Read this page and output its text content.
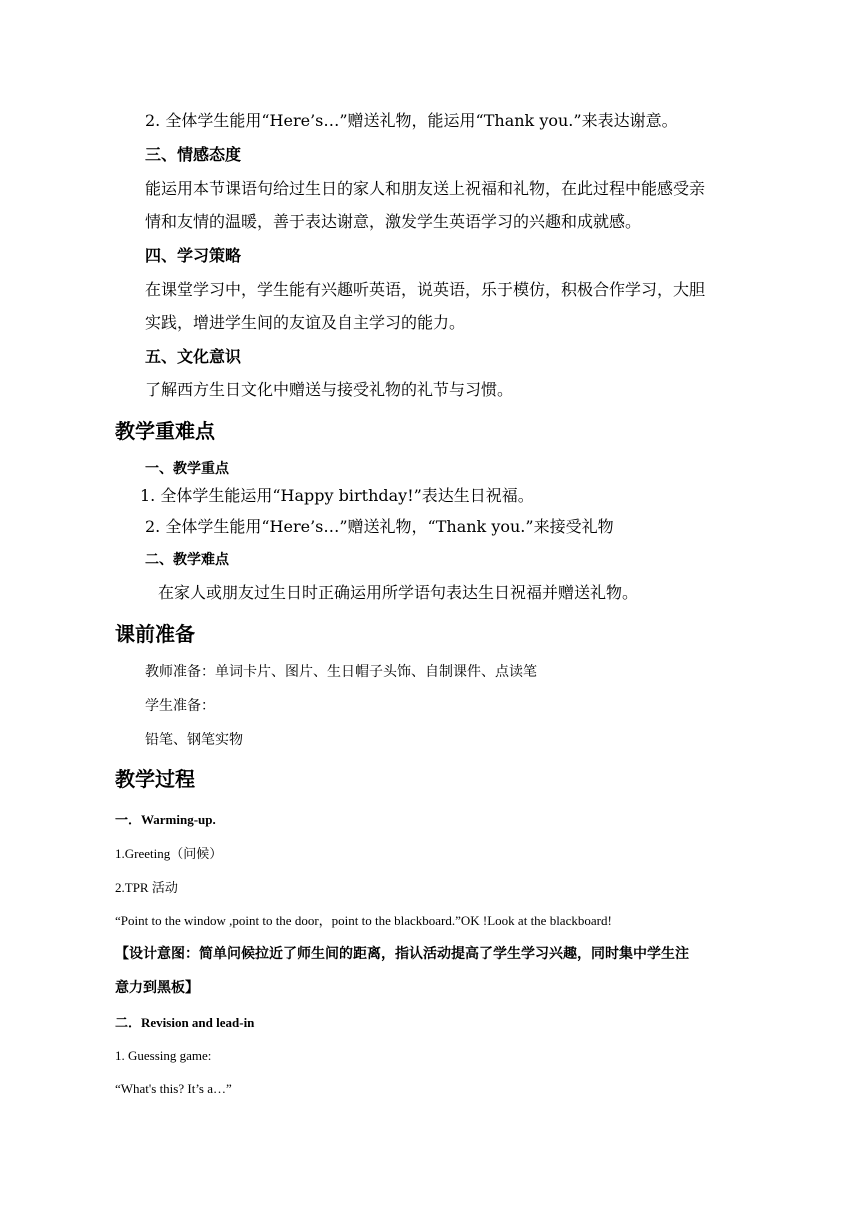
2. 全体学生能用“Here’s…”赠送礼物，能运用“Thank you.”来表达谢意。
三、情感态度
能运用本节课语句给过生日的家人和朋友送上祝福和礼物，在此过程中能感受亲
情和友情的温暖，善于表达谢意，激发学生英语学习的兴趣和成就感。
四、学习策略
在课堂学习中，学生能有兴趣听英语，说英语，乐于模仿，积极合作学习，大胆
实践，增进学生间的友谊及自主学习的能力。
五、文化意识
了解西方生日文化中赠送与接受礼物的礼节与习惯。
教学重难点
一、教学重点
1. 全体学生能运用“Happy birthday!”表达生日祝福。
2. 全体学生能用“Here’s…”赠送礼物，“Thank you.”来接受礼物
二、教学难点
在家人或朋友过生日时正确运用所学语句表达生日祝福并赠送礼物。
课前准备
教师准备：单词卡片、图片、生日帽子头饰、自制课件、点读笔
学生准备：
铅笔、钢笔实物
教学过程
一．Warming-up.
1.Greeting（问候）
2.TPR 活动
“Point to the window ,point to the door，point to the blackboard.”OK !Look at the blackboard!
【设计意图：简单问候拉近了师生间的距离，指认活动提高了学生学习兴趣，同时集中学生注
意力到黑板】
二．Revision and lead-in
1. Guessing game:
“What's this? It’s a…”
